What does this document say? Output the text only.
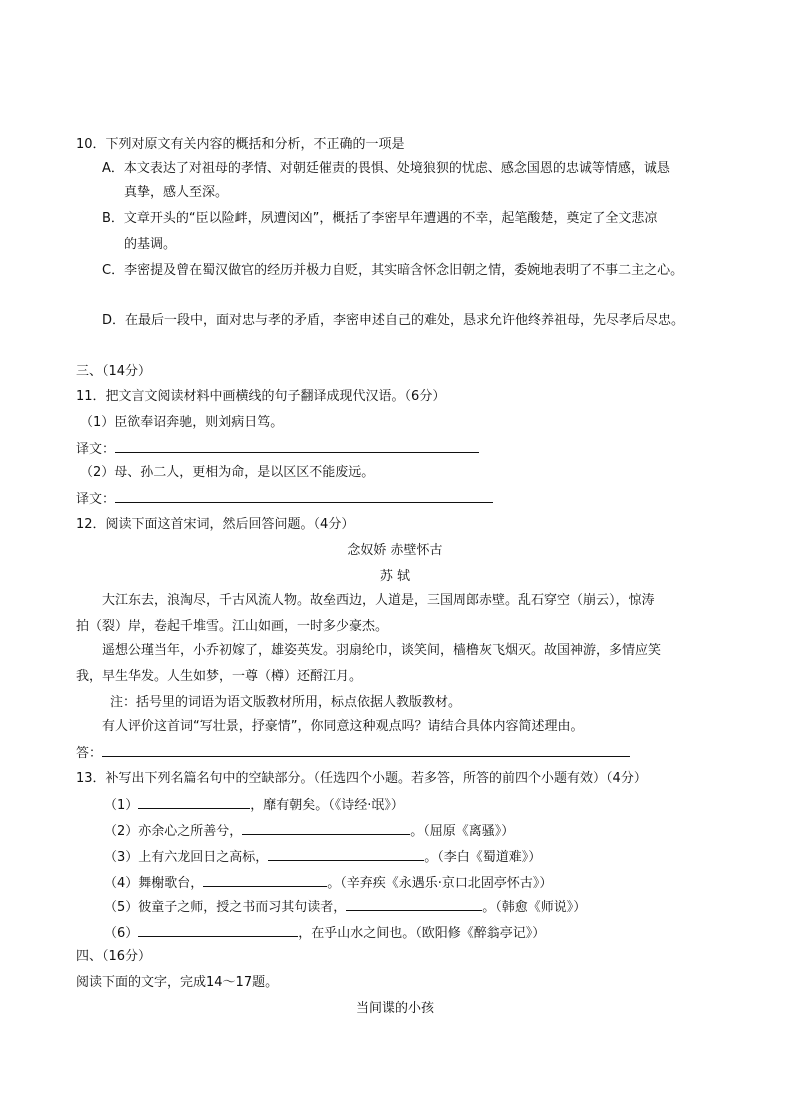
10．下列对原文有关内容的概括和分析，不正确的一项是
A．本文表达了对祖母的孝情、对朝廷催责的畏惧、处境狼狈的忧虑、感念国恩的忠诚等情感，诚恳
真挚，感人至深。
B．文章开头的“臣以险衅，夙遭闵凶”，概括了李密早年遭遇的不幸，起笔酸楚，奠定了全文悲凉
的基调。
C．李密提及曾在蜀汉做官的经历并极力自贬，其实暗含怀念旧朝之情，委婉地表明了不事二主之心。
D．在最后一段中，面对忠与孝的矛盾，李密申述自己的难处，恳求允许他终养祖母，先尽孝后尽忠。
三、（14分）
11．把文言文阅读材料中画横线的句子翻译成现代汉语。（6分）
（1）臣欲奉诏奔驰，则刘病日笃。
译文：
（2）母、孙二人，更相为命，是以区区不能废远。
译文：
12．阅读下面这首宋词，然后回答问题。（4分）
念奴娇 赤壁怀古
苏 轼
大江东去，浪淘尽，千古风流人物。故垒西边，人道是，三国周郎赤壁。乱石穿空（崩云），惊涛
拍（裂）岸，卷起千堆雪。江山如画，一时多少豪杰。
遥想公瑾当年，小乔初嫁了，雄姿英发。羽扇纶巾，谈笑间，樯橹灰飞烟灭。故国神游，多情应笑
我，早生华发。人生如梦，一尊（樽）还酹江月。
注：括号里的词语为语文版教材所用，标点依据人教版教材。
有人评价这首词“写壮景，抒豪情”，你同意这种观点吗？请结合具体内容简述理由。
答：
13．补写出下列名篇名句中的空缺部分。（任选四个小题。若多答，所答的前四个小题有效）（4分）
（1）	，靡有朝矣。（《诗经·氓》）
（2）亦余心之所善兮，	。（屈原《离骚》）
（3）上有六龙回日之高标，	。（李白《蜀道难》）
（4）舞榭歌台，	。（辛弃疾《永遇乐·京口北固亭怀古》）
（5）彼童子之师，授之书而习其句读者，	。（韩愈《师说》）
（6）	，在乎山水之间也。（欧阳修《醉翁亭记》）
四、（16分）
阅读下面的文字，完成14～17题。
当间谍的小孩
